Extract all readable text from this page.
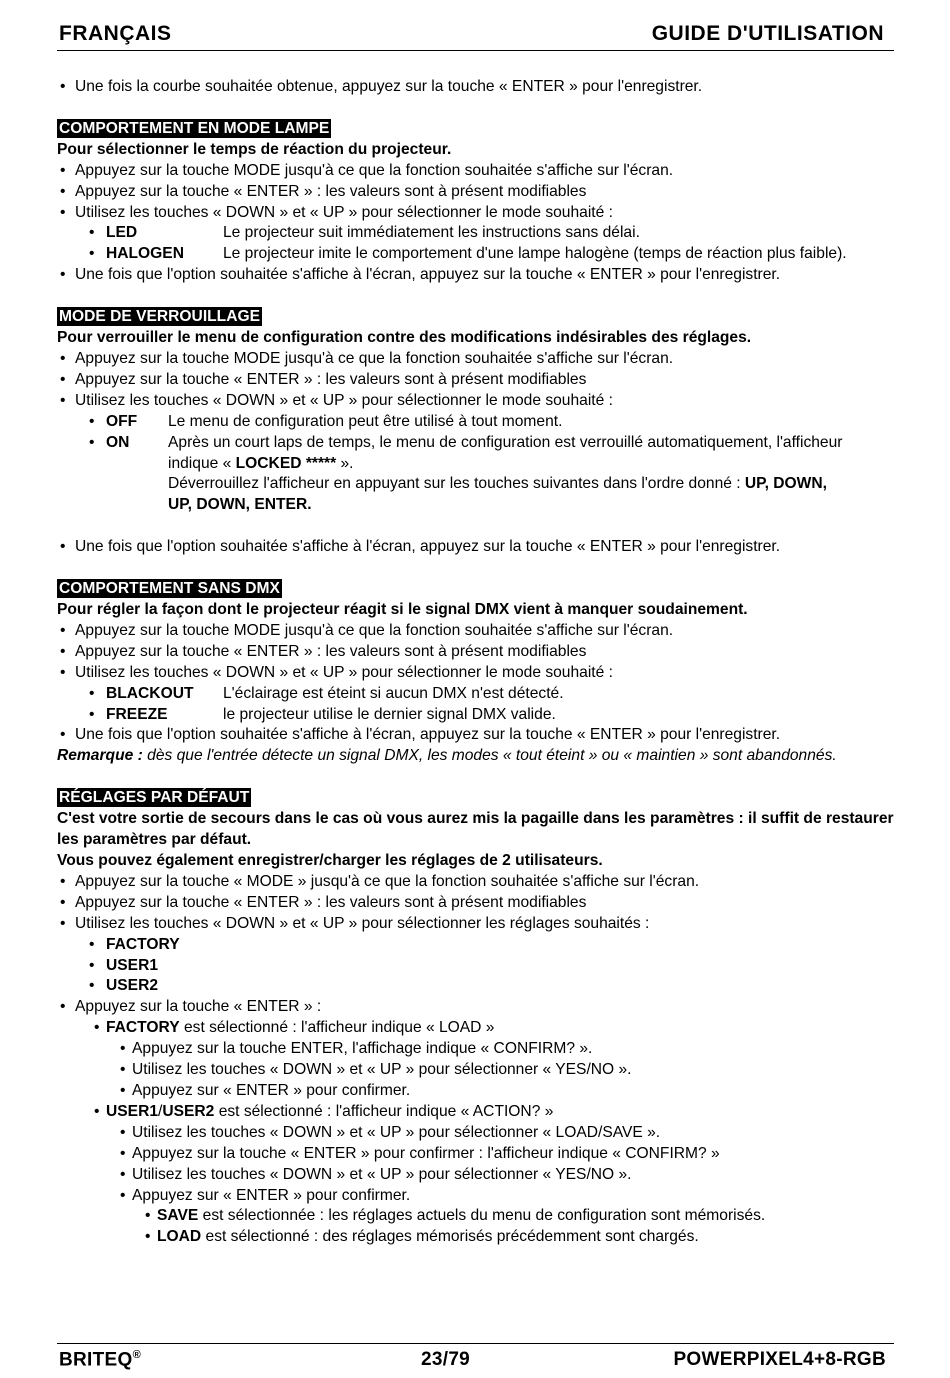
FRANÇAIS	GUIDE D'UTILISATION
• Une fois la courbe souhaitée obtenue, appuyez sur la touche « ENTER » pour l'enregistrer.
COMPORTEMENT EN MODE LAMPE
Pour sélectionner le temps de réaction du projecteur.
• Appuyez sur la touche MODE jusqu'à ce que la fonction souhaitée s'affiche sur l'écran.
• Appuyez sur la touche « ENTER » : les valeurs sont à présent modifiables
• Utilisez les touches « DOWN » et « UP » pour sélectionner le mode souhaité :
• LED	Le projecteur suit immédiatement les instructions sans délai.
• HALOGEN	Le projecteur imite le comportement d'une lampe halogène (temps de réaction plus faible).
• Une fois que l'option souhaitée s'affiche à l'écran, appuyez sur la touche « ENTER » pour l'enregistrer.
MODE DE VERROUILLAGE
Pour verrouiller le menu de configuration contre des modifications indésirables des réglages.
• Appuyez sur la touche MODE jusqu'à ce que la fonction souhaitée s'affiche sur l'écran.
• Appuyez sur la touche « ENTER » : les valeurs sont à présent modifiables
• Utilisez les touches « DOWN » et « UP » pour sélectionner le mode souhaité :
• OFF Le menu de configuration peut être utilisé à tout moment.
• ON Après un court laps de temps, le menu de configuration est verrouillé automatiquement, l'afficheur indique « LOCKED ***** ».
Déverrouillez l'afficheur en appuyant sur les touches suivantes dans l'ordre donné : UP, DOWN, UP, DOWN, ENTER.
• Une fois que l'option souhaitée s'affiche à l'écran, appuyez sur la touche « ENTER » pour l'enregistrer.
COMPORTEMENT SANS DMX
Pour régler la façon dont le projecteur réagit si le signal DMX vient à manquer soudainement.
• Appuyez sur la touche MODE jusqu'à ce que la fonction souhaitée s'affiche sur l'écran.
• Appuyez sur la touche « ENTER » : les valeurs sont à présent modifiables
• Utilisez les touches « DOWN » et « UP » pour sélectionner le mode souhaité :
• BLACKOUT L'éclairage est éteint si aucun DMX n'est détecté.
• FREEZE	le projecteur utilise le dernier signal DMX valide.
• Une fois que l'option souhaitée s'affiche à l'écran, appuyez sur la touche « ENTER » pour l'enregistrer.
Remarque : dès que l'entrée détecte un signal DMX, les modes « tout éteint » ou « maintien » sont abandonnés.
RÉGLAGES PAR DÉFAUT
C'est votre sortie de secours dans le cas où vous aurez mis la pagaille dans les paramètres : il suffit de restaurer les paramètres par défaut.
Vous pouvez également enregistrer/charger les réglages de 2 utilisateurs.
• Appuyez sur la touche « MODE » jusqu'à ce que la fonction souhaitée s'affiche sur l'écran.
• Appuyez sur la touche « ENTER » : les valeurs sont à présent modifiables
• Utilisez les touches « DOWN » et « UP » pour sélectionner les réglages souhaités :
• FACTORY
• USER1
• USER2
• Appuyez sur la touche « ENTER » :
• FACTORY est sélectionné : l'afficheur indique « LOAD »
• Appuyez sur la touche ENTER, l'affichage indique « CONFIRM? ».
• Utilisez les touches « DOWN » et « UP » pour sélectionner « YES/NO ».
• Appuyez sur « ENTER » pour confirmer.
• USER1/USER2 est sélectionné : l'afficheur indique « ACTION? »
• Utilisez les touches « DOWN » et « UP » pour sélectionner « LOAD/SAVE ».
• Appuyez sur la touche « ENTER » pour confirmer : l'afficheur indique « CONFIRM? »
• Utilisez les touches « DOWN » et « UP » pour sélectionner « YES/NO ».
• Appuyez sur « ENTER » pour confirmer.
• SAVE est sélectionnée : les réglages actuels du menu de configuration sont mémorisés.
• LOAD est sélectionné : des réglages mémorisés précédemment sont chargés.
BRITEQ®	23/79	POWERPIXEL4+8-RGB
